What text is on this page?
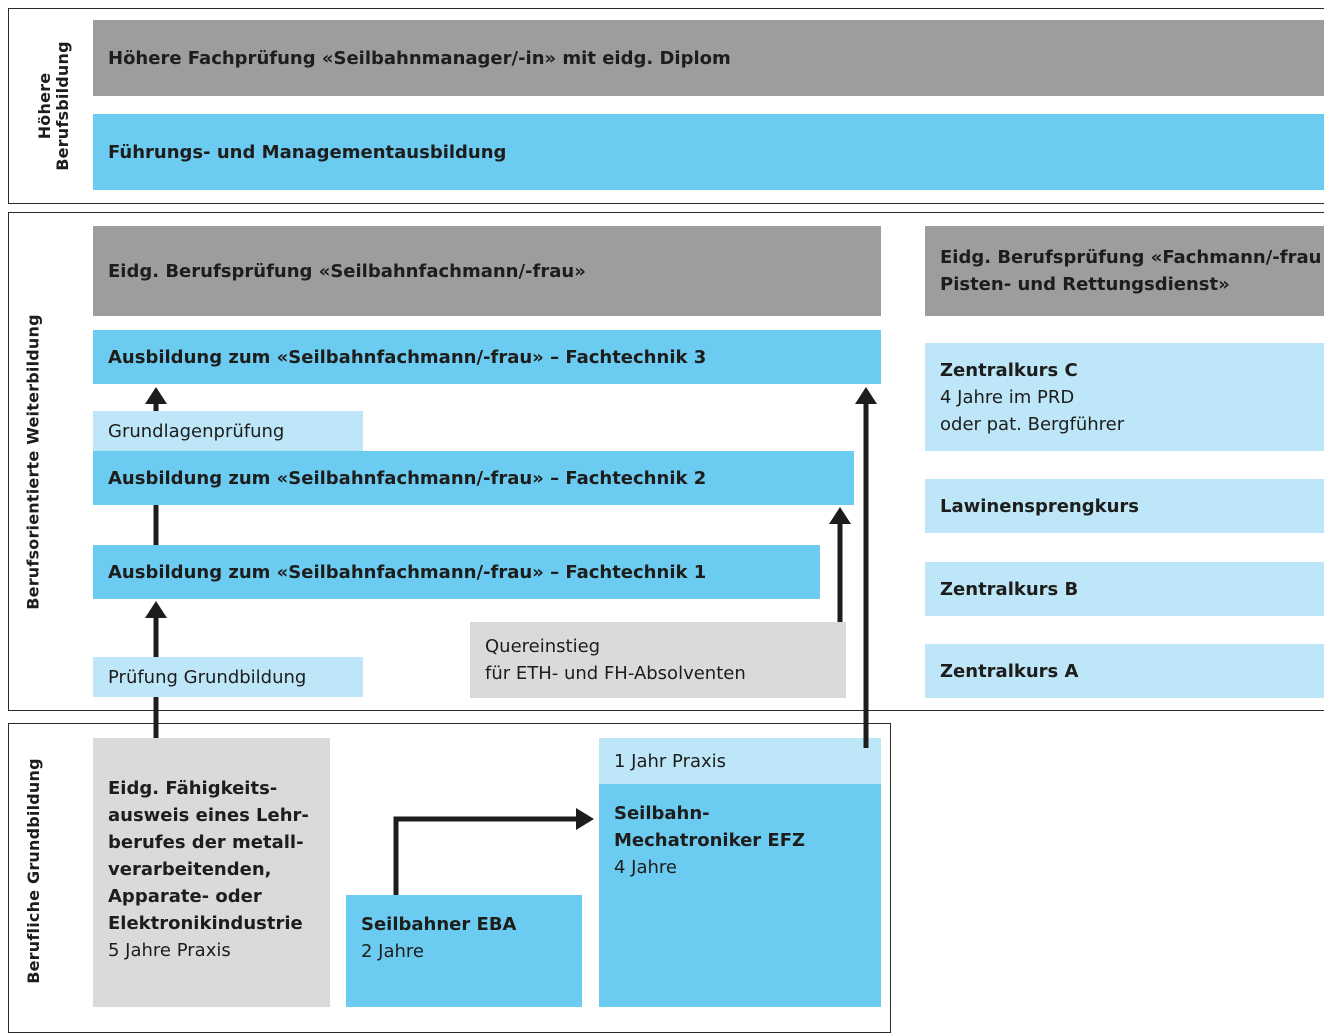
Höhere
Berufsbildung
Berufsorientierte Weiterbildung
Berufliche Grundbildung
Höhere Fachprüfung «Seilbahnmanager/-in» mit eidg. Diplom
Führungs- und Managementausbildung
Eidg. Berufsprüfung «Seilbahnfachmann/-frau»
Ausbildung zum «Seilbahnfachmann/-frau» – Fachtechnik 3
Grundlagenprüfung
Ausbildung zum «Seilbahnfachmann/-frau» – Fachtechnik 2
Ausbildung zum «Seilbahnfachmann/-frau» – Fachtechnik 1
Quereinstieg
für ETH- und FH-Absolventen
Prüfung Grundbildung
Eidg. Berufsprüfung «Fachmann/-frau
Pisten- und Rettungsdienst»
Zentralkurs C
4 Jahre im PRD
oder pat. Bergführer
Lawinensprengkurs
Zentralkurs B
Zentralkurs A
Eidg. Fähigkeits-
ausweis eines Lehr-
berufes der metall-
verarbeitenden,
Apparate- oder
Elektronikindustrie
5 Jahre Praxis
Seilbahner EBA
2 Jahre
1 Jahr Praxis
Seilbahn-
Mechatroniker EFZ
4 Jahre
